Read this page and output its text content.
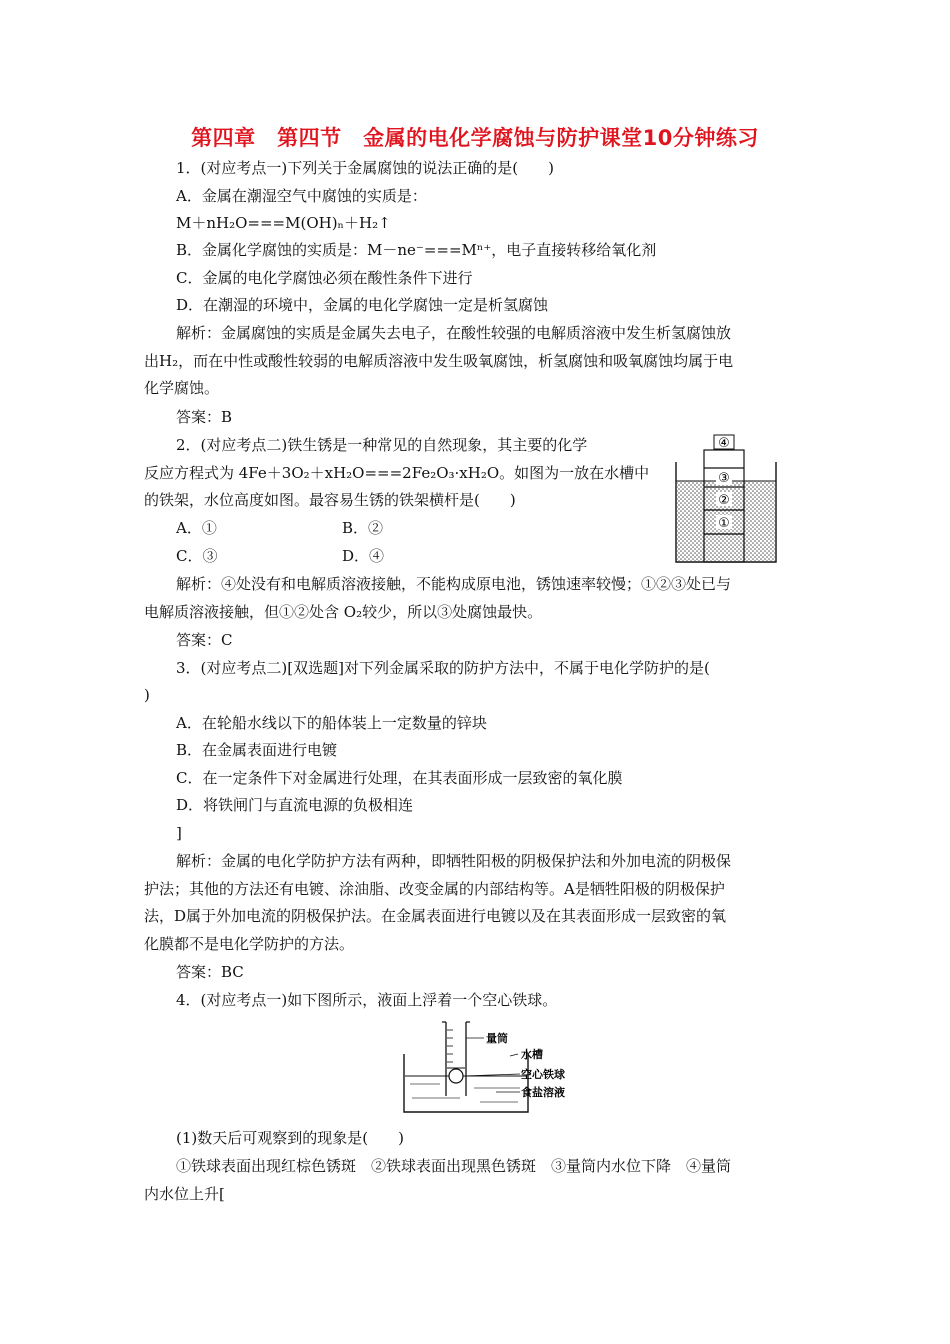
第四章　第四节　金属的电化学腐蚀与防护课堂10分钟练习
1．(对应考点一)下列关于金属腐蚀的说法正确的是(　　)
A．金属在潮湿空气中腐蚀的实质是：
M＋nH₂O===M(OH)ₙ＋H₂↑
B．金属化学腐蚀的实质是：M－ne⁻===Mⁿ⁺，电子直接转移给氧化剂
C．金属的电化学腐蚀必须在酸性条件下进行
D．在潮湿的环境中，金属的电化学腐蚀一定是析氢腐蚀
解析：金属腐蚀的实质是金属失去电子，在酸性较强的电解质溶液中发生析氢腐蚀放
出H₂，而在中性或酸性较弱的电解质溶液中发生吸氧腐蚀，析氢腐蚀和吸氧腐蚀均属于电
化学腐蚀。
答案：B
2．(对应考点二)铁生锈是一种常见的自然现象，其主要的化学
反应方程式为 4Fe＋3O₂＋xH₂O===2Fe₂O₃·xH₂O。如图为一放在水槽中
的铁架，水位高度如图。最容易生锈的铁架横杆是(　　)
A．①	B．②
C．③	D．④
④
③
②
①
解析：④处没有和电解质溶液接触，不能构成原电池，锈蚀速率较慢；①②③处已与
电解质溶液接触，但①②处含 O₂较少，所以③处腐蚀最快。
答案：C
3．(对应考点二)[双选题]对下列金属采取的防护方法中，不属于电化学防护的是(
)
A．在轮船水线以下的船体装上一定数量的锌块
B．在金属表面进行电镀
C．在一定条件下对金属进行处理，在其表面形成一层致密的氧化膜
D．将铁闸门与直流电源的负极相连
]
解析：金属的电化学防护方法有两种，即牺牲阳极的阴极保护法和外加电流的阴极保
护法；其他的方法还有电镀、涂油脂、改变金属的内部结构等。A是牺牲阳极的阴极保护
法，D属于外加电流的阴极保护法。在金属表面进行电镀以及在其表面形成一层致密的氧
化膜都不是电化学防护的方法。
答案：BC
4．(对应考点一)如下图所示，液面上浮着一个空心铁球。
量筒
水槽
空心铁球
食盐溶液
(1)数天后可观察到的现象是(　　)
①铁球表面出现红棕色锈斑　②铁球表面出现黑色锈斑　③量筒内水位下降　④量筒
内水位上升[
